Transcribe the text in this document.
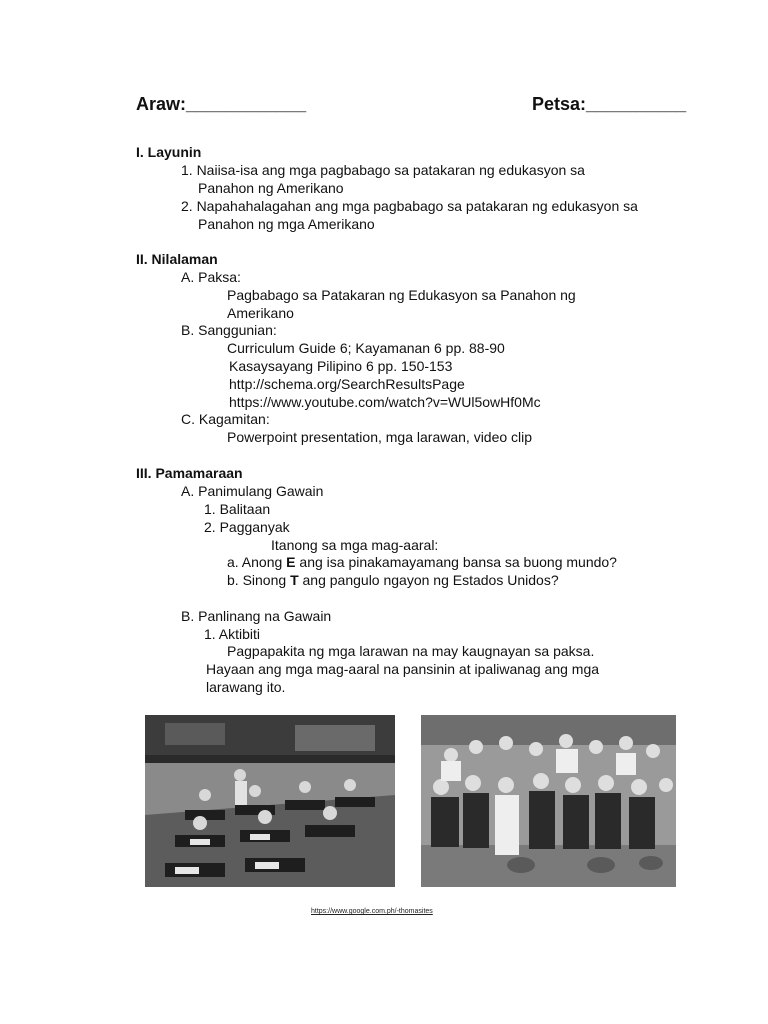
Araw:____________	Petsa:__________
I. Layunin
1. Naiisa-isa ang mga pagbabago sa patakaran ng edukasyon sa
Panahon ng Amerikano
2. Napahahalagahan ang mga pagbabago sa patakaran ng edukasyon sa
Panahon ng mga Amerikano
II. Nilalaman
A. Paksa:
Pagbabago sa Patakaran ng Edukasyon sa Panahon ng
Amerikano
B. Sanggunian:
Curriculum Guide 6; Kayamanan 6 pp. 88-90
Kasaysayang Pilipino 6 pp. 150-153
http://schema.org/SearchResultsPage
https://www.youtube.com/watch?v=WUl5owHf0Mc
C. Kagamitan:
Powerpoint presentation, mga larawan, video clip
III. Pamamaraan
A. Panimulang Gawain
1. Balitaan
2. Pagganyak
Itanong sa mga mag-aaral:
a. Anong E ang isa pinakamayamang bansa sa buong mundo?
b. Sinong T ang pangulo ngayon ng Estados Unidos?
B. Panlinang na Gawain
1. Aktibiti
Pagpapakita ng mga larawan na may kaugnayan sa paksa.
Hayaan ang mga mag-aaral na pansinin at ipaliwanag ang mga
larawang ito.
https://www.google.com.ph/-thomasites
